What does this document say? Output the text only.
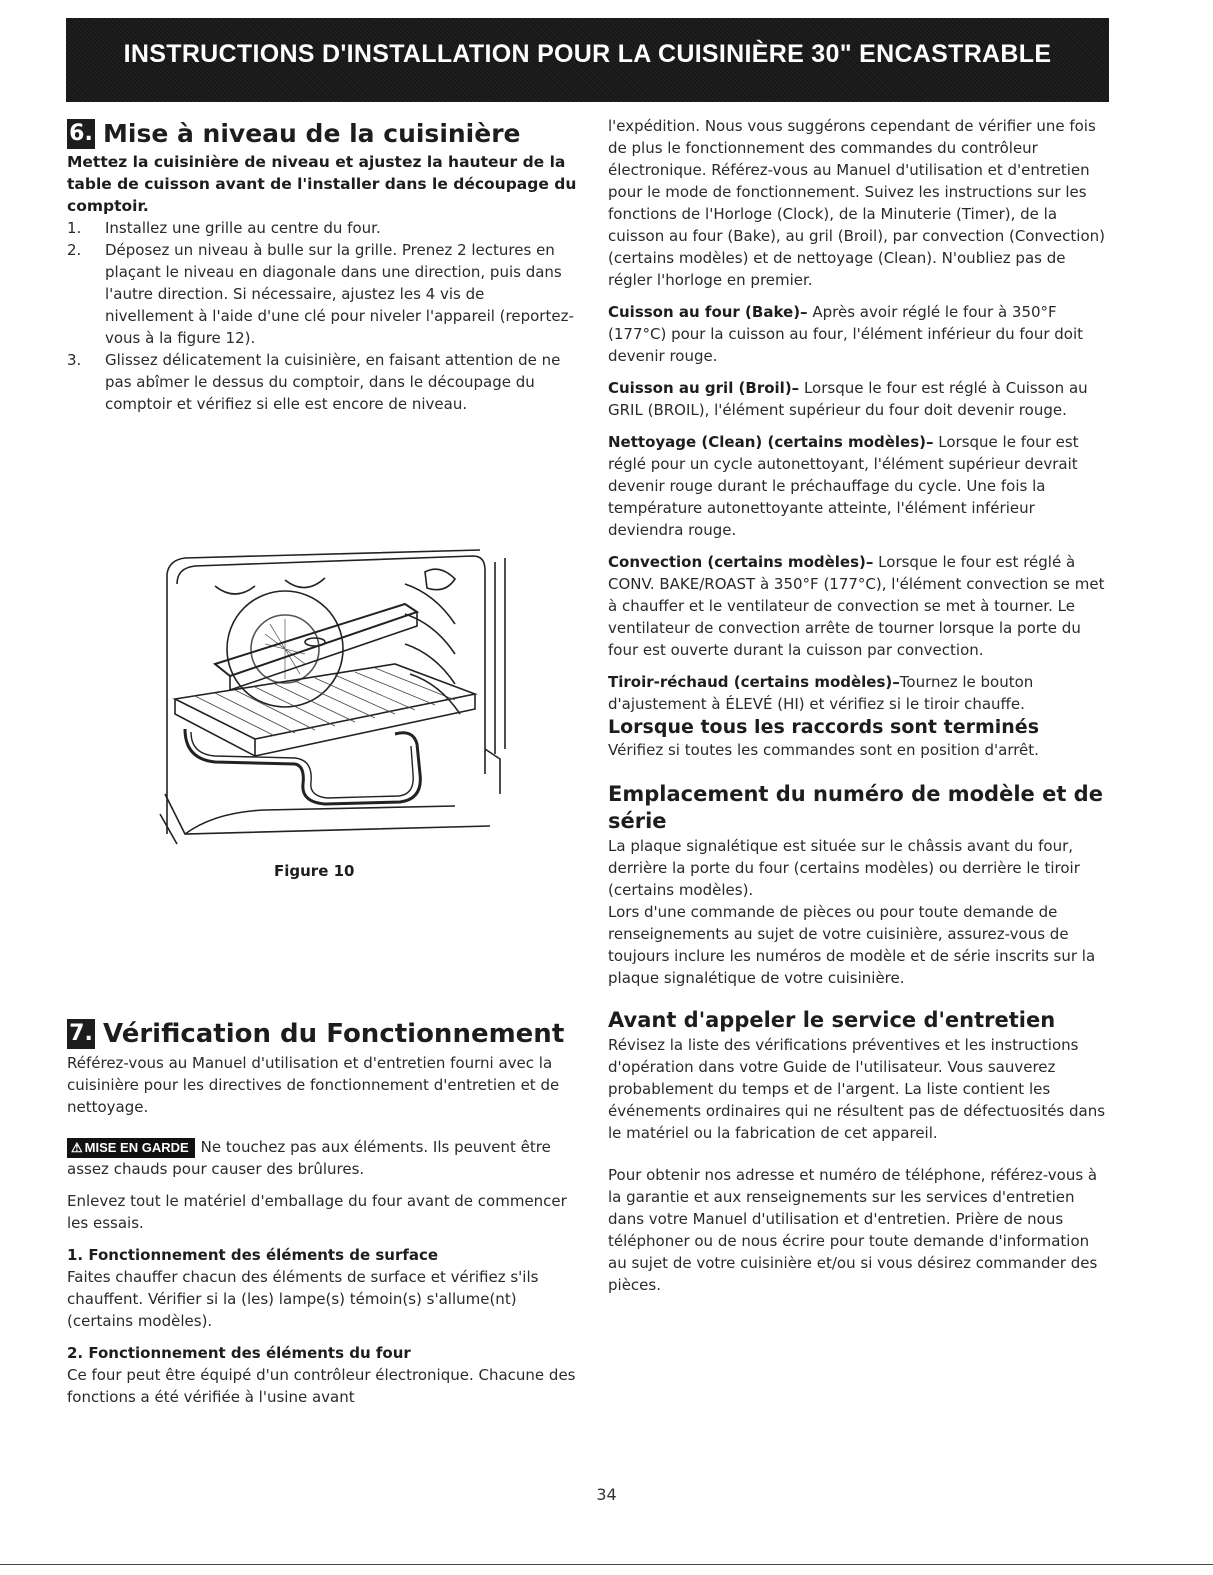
INSTRUCTIONS D'INSTALLATION POUR LA CUISINIÈRE 30" ENCASTRABLE
6. Mise à niveau de la cuisinière

Mettez la cuisinière de niveau et ajustez la hauteur de la table de cuisson avant de l'installer dans le découpage du comptoir.

1. Installez une grille au centre du four.
2. Déposez un niveau à bulle sur la grille. Prenez 2 lectures en plaçant le niveau en diagonale dans une direction, puis dans l'autre direction. Si nécessaire, ajustez les 4 vis de nivellement à l'aide d'une clé pour niveler l'appareil (reportez-vous à la figure 12).
3. Glissez délicatement la cuisinière, en faisant attention de ne pas abîmer le dessus du comptoir, dans le découpage du comptoir et vérifiez si elle est encore de niveau.
Figure 10
7. Vérification du Fonctionnement

Référez-vous au Manuel d'utilisation et d'entretien fourni avec la cuisinière pour les directives de fonctionnement d'entretien et de nettoyage.

⚠ MISE EN GARDE Ne touchez pas aux éléments. Ils peuvent être assez chauds pour causer des brûlures.

Enlevez tout le matériel d'emballage du four avant de commencer les essais.

1. Fonctionnement des éléments de surface

Faites chauffer chacun des éléments de surface et vérifiez s'ils chauffent. Vérifier si la (les) lampe(s) témoin(s) s'allume(nt) (certains modèles).

2. Fonctionnement des éléments du four

Ce four peut être équipé d'un contrôleur électronique. Chacune des fonctions a été vérifiée à l'usine avant

l'expédition. Nous vous suggérons cependant de vérifier une fois de plus le fonctionnement des commandes du contrôleur électronique. Référez-vous au Manuel d'utilisation et d'entretien pour le mode de fonctionnement. Suivez les instructions sur les fonctions de l'Horloge (Clock), de la Minuterie (Timer), de la cuisson au four (Bake), au gril (Broil), par convection (Convection) (certains modèles) et de nettoyage (Clean). N'oubliez pas de régler l'horloge en premier.

Cuisson au four (Bake)– Après avoir réglé le four à 350°F (177°C) pour la cuisson au four, l'élément inférieur du four doit devenir rouge.

Cuisson au gril (Broil)– Lorsque le four est réglé à Cuisson au GRIL (BROIL), l'élément supérieur du four doit devenir rouge.

Nettoyage (Clean) (certains modèles)– Lorsque le four est réglé pour un cycle autonettoyant, l'élément supérieur devrait devenir rouge durant le préchauffage du cycle. Une fois la température autonettoyante atteinte, l'élément inférieur deviendra rouge.

Convection (certains modèles)– Lorsque le four est réglé à CONV. BAKE/ROAST à 350°F (177°C), l'élément convection se met à chauffer et le ventilateur de convection se met à tourner. Le ventilateur de convection arrête de tourner lorsque la porte du four est ouverte durant la cuisson par convection.

Tiroir-réchaud (certains modèles)–Tournez le bouton d'ajustement à ÉLEVÉ (HI) et vérifiez si le tiroir chauffe.

Lorsque tous les raccords sont terminés

Vérifiez si toutes les commandes sont en position d'arrêt.

Emplacement du numéro de modèle et de série

La plaque signalétique est située sur le châssis avant du four, derrière la porte du four (certains modèles) ou derrière le tiroir (certains modèles).

Lors d'une commande de pièces ou pour toute demande de renseignements au sujet de votre cuisinière, assurez-vous de toujours inclure les numéros de modèle et de série inscrits sur la plaque signalétique de votre cuisinière.

Avant d'appeler le service d'entretien

Révisez la liste des vérifications préventives et les instructions d'opération dans votre Guide de l'utilisateur. Vous sauverez probablement du temps et de l'argent. La liste contient les événements ordinaires qui ne résultent pas de défectuosités dans le matériel ou la fabrication de cet appareil.

Pour obtenir nos adresse et numéro de téléphone, référez-vous à la garantie et aux renseignements sur les services d'entretien dans votre Manuel d'utilisation et d'entretien. Prière de nous téléphoner ou de nous écrire pour toute demande d'information au sujet de votre cuisinière et/ou si vous désirez commander des pièces.

34
